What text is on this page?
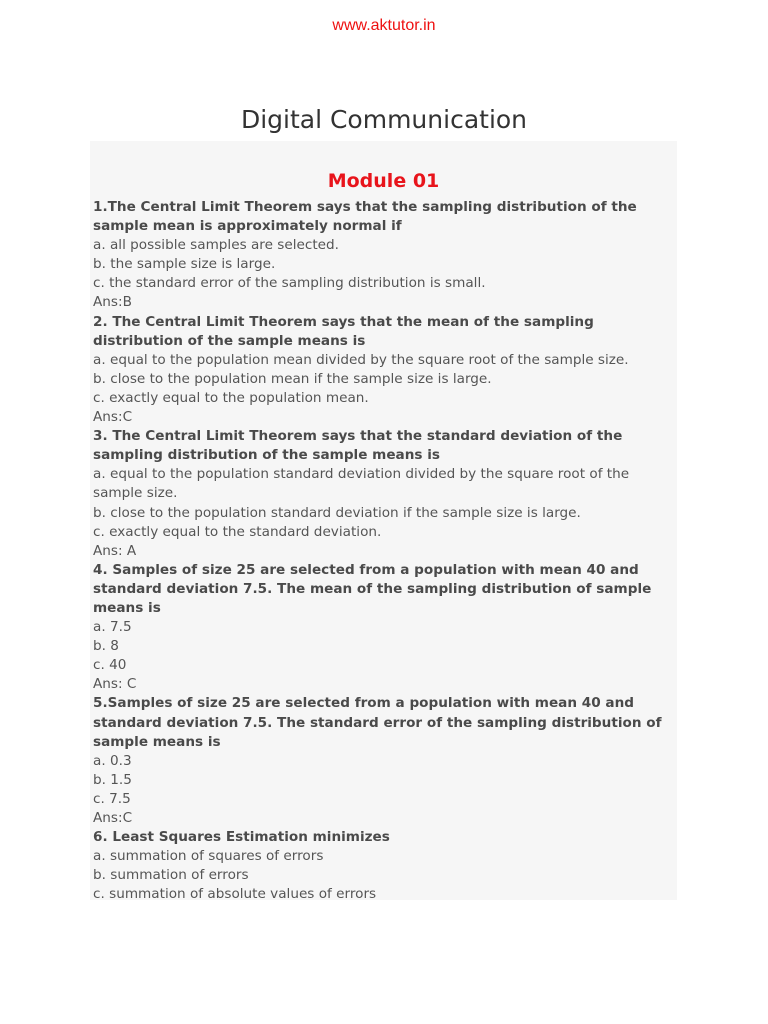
www.aktutor.in
Digital Communication
Module 01

1.The Central Limit Theorem says that the sampling distribution of the sample mean is approximately normal if

a. all possible samples are selected.

b. the sample size is large.

c. the standard error of the sampling distribution is small.

Ans:B

2. The Central Limit Theorem says that the mean of the sampling distribution of the sample means is

a. equal to the population mean divided by the square root of the sample size.

b. close to the population mean if the sample size is large.

c. exactly equal to the population mean.

Ans:C

3. The Central Limit Theorem says that the standard deviation of the sampling distribution of the sample means is

a. equal to the population standard deviation divided by the square root of the sample size.

b. close to the population standard deviation if the sample size is large.

c. exactly equal to the standard deviation.

Ans: A

4. Samples of size 25 are selected from a population with mean 40 and standard deviation 7.5. The mean of the sampling distribution of sample means is

a. 7.5

b. 8

c. 40

Ans: C

5.Samples of size 25 are selected from a population with mean 40 and standard deviation 7.5. The standard error of the sampling distribution of sample means is

a. 0.3

b. 1.5

c. 7.5

Ans:C

6. Least Squares Estimation minimizes

a. summation of squares of errors

b. summation of errors

c. summation of absolute values of errors
